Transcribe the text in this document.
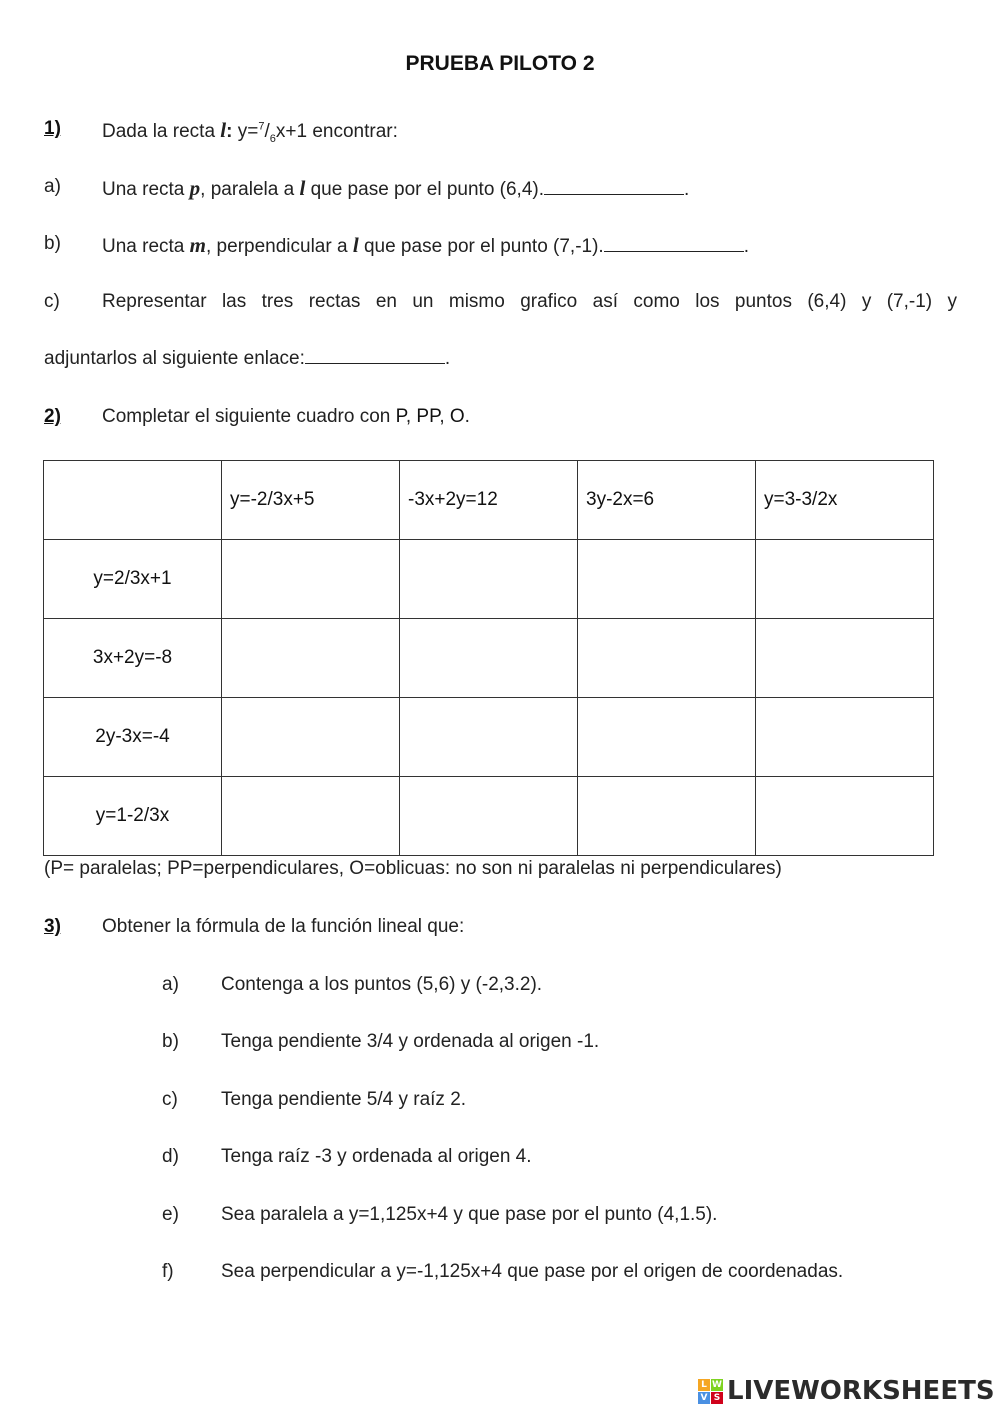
PRUEBA PILOTO 2
1) Dada la recta l: $y=^7/_6x+1$ encontrar:
a) Una recta p, paralela a l que pase por el punto (6,4).	.
b) Una recta m, perpendicular a l que pase por el punto (7,-1).	.
c) Representar las tres rectas en un mismo grafico así como los puntos (6,4) y (7,-1) y
adjuntarlos al siguiente enlace:	.
2) Completar el siguiente cuadro con P, PP, O.
	y=-2/3x+5	-3x+2y=12	3y-2x=6	y=3-3/2x
y=2/3x+1				
3x+2y=-8				
2y-3x=-4				
y=1-2/3x				
(P= paralelas; PP=perpendiculares, O=oblicuas: no son ni paralelas ni perpendiculares)
3) Obtener la fórmula de la función lineal que:
a) Contenga a los puntos (5,6) y (-2,3.2).
b) Tenga pendiente 3/4 y ordenada al origen -1.
c) Tenga pendiente 5/4 y raíz 2.
d) Tenga raíz -3 y ordenada al origen 4.
e) Sea paralela a y=1,125x+4 y que pase por el punto (4,1.5).
f) Sea perpendicular a y=-1,125x+4 que pase por el origen de coordenadas.
L W
V S LIVEWORKSHEETS
